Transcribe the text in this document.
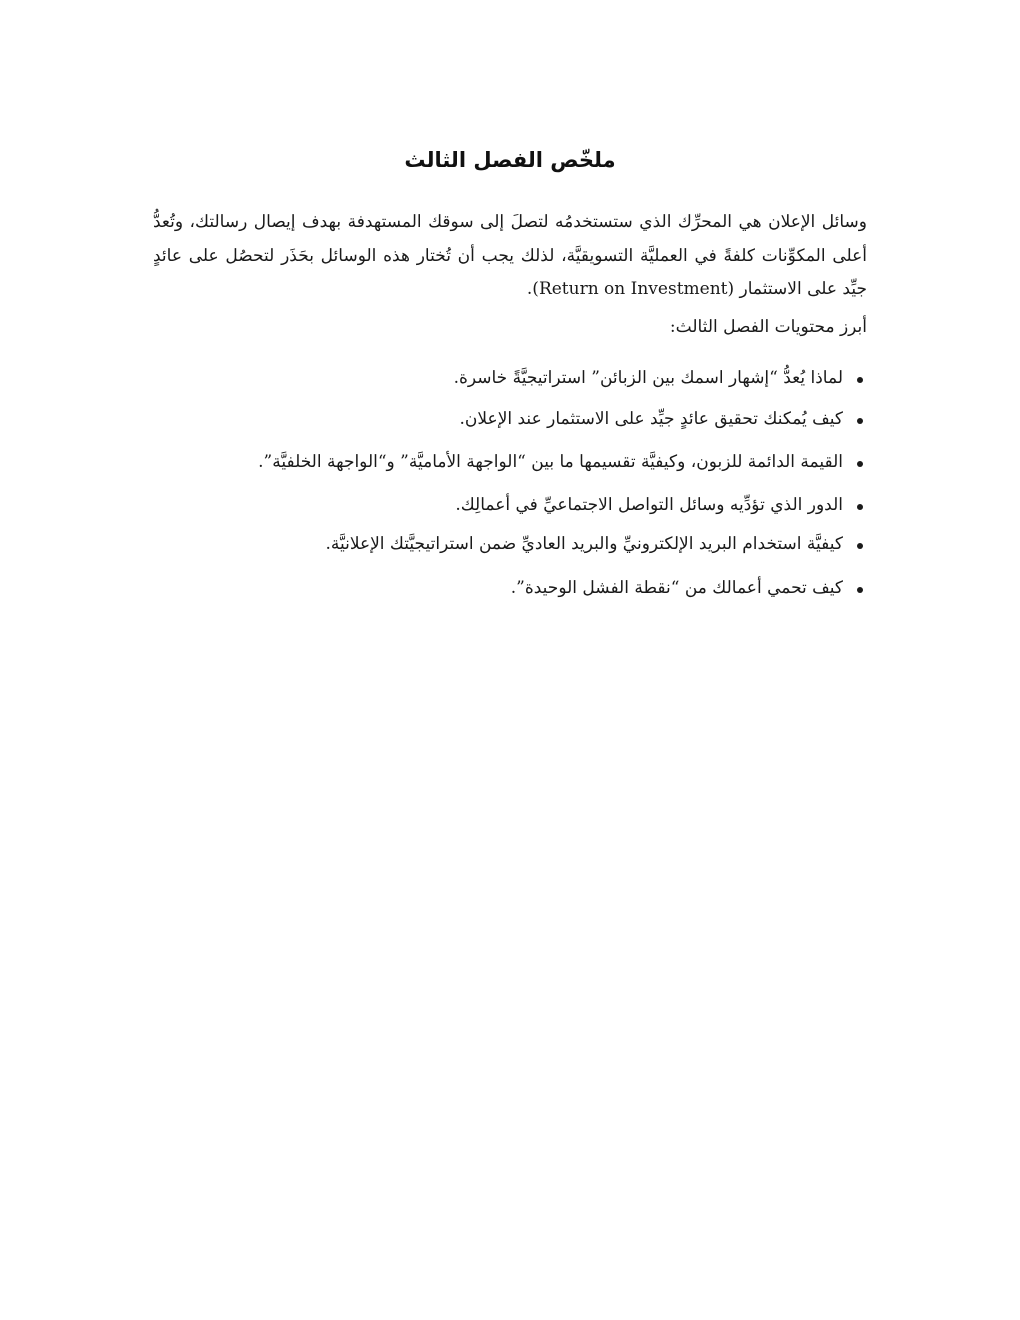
ملخّص الفصل الثالث

وسائل الإعلان هي المحرِّك الذي ستستخدمُه لتصلَ إلى سوقك المستهدفة بهدف إيصال رسالتك، وتُعدُّ أعلى المكوِّنات كلفةً في العمليَّة التسويقيَّة، لذلك يجب أن تُختار هذه الوسائل بحَذَر لتحصُل على عائدٍ جيِّد على الاستثمار (Return on Investment).

أبرز محتويات الفصل الثالث:

لماذا يُعدُّ “إشهار اسمك بين الزبائن” استراتيجيَّةً خاسرة.
كيف يُمكنك تحقيق عائدٍ جيِّد على الاستثمار عند الإعلان.
القيمة الدائمة للزبون، وكيفيَّة تقسيمها ما بين “الواجهة الأماميَّة” و“الواجهة الخلفيَّة”.
الدور الذي تؤدِّيه وسائل التواصل الاجتماعيِّ في أعمالِك.
كيفيَّة استخدام البريد الإلكترونيِّ والبريد العاديِّ ضمن استراتيجيَّتك الإعلانيَّة.
كيف تحمي أعمالك من “نقطة الفشل الوحيدة”.
